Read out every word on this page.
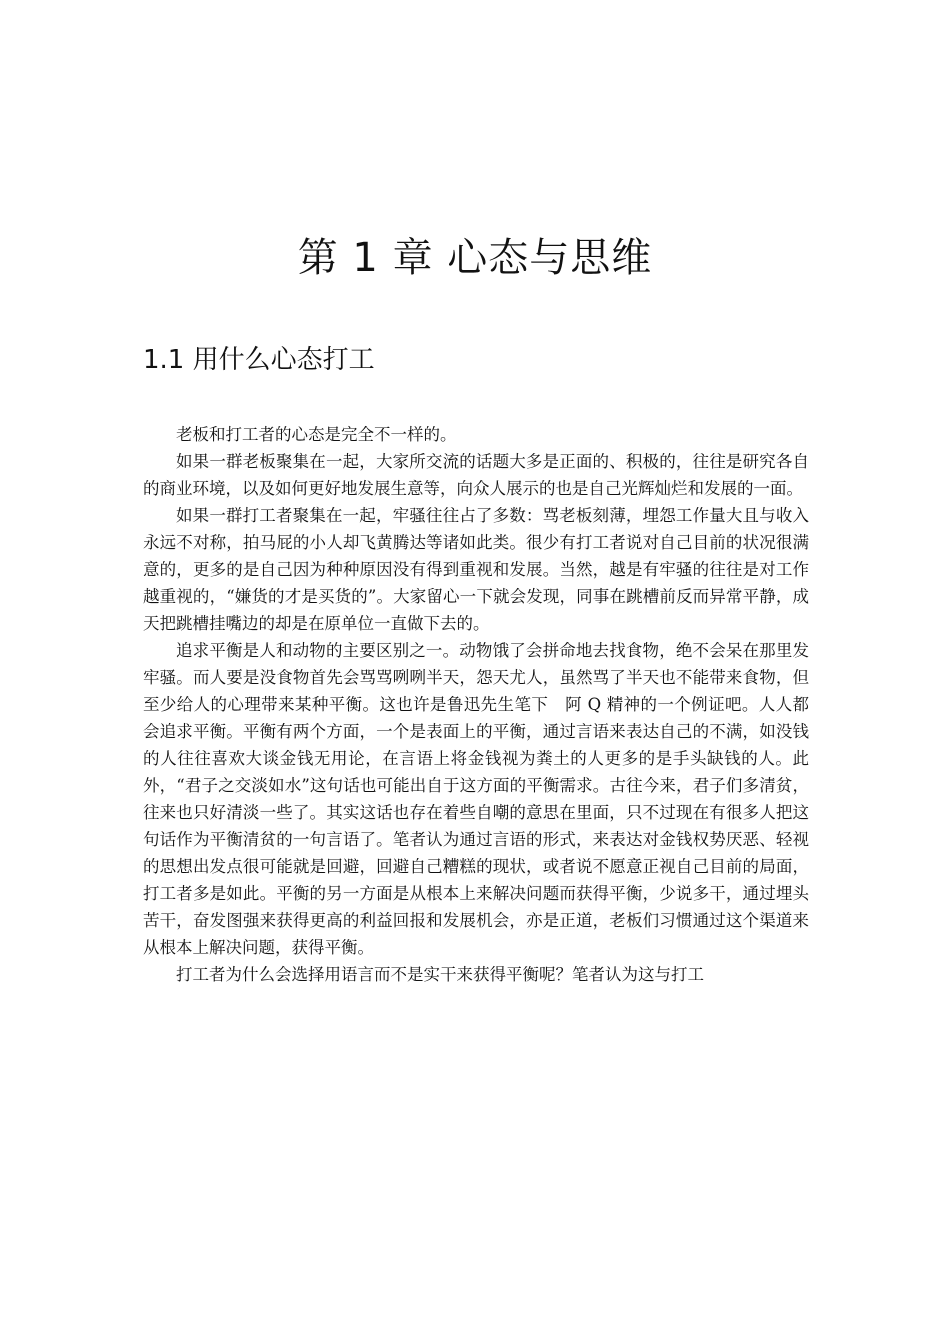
第 1 章 心态与思维
1.1 用什么心态打工

老板和打工者的心态是完全不一样的。

如果一群老板聚集在一起，大家所交流的话题大多是正面的、积极的，往往是研究各自的商业环境，以及如何更好地发展生意等，向众人展示的也是自己光辉灿烂和发展的一面。

如果一群打工者聚集在一起，牢骚往往占了多数：骂老板刻薄，埋怨工作量大且与收入永远不对称，拍马屁的小人却飞黄腾达等诸如此类。很少有打工者说对自己目前的状况很满意的，更多的是自己因为种种原因没有得到重视和发展。当然，越是有牢骚的往往是对工作越重视的，“嫌货的才是买货的”。大家留心一下就会发现，同事在跳槽前反而异常平静，成天把跳槽挂嘴边的却是在原单位一直做下去的。

追求平衡是人和动物的主要区别之一。动物饿了会拼命地去找食物，绝不会呆在那里发牢骚。而人要是没食物首先会骂骂咧咧半天，怨天尤人，虽然骂了半天也不能带来食物，但至少给人的心理带来某种平衡。这也许是鲁迅先生笔下　阿 Q 精神的一个例证吧。人人都会追求平衡。平衡有两个方面，一个是表面上的平衡，通过言语来表达自己的不满，如没钱的人往往喜欢大谈金钱无用论，在言语上将金钱视为粪土的人更多的是手头缺钱的人。此外，“君子之交淡如水”这句话也可能出自于这方面的平衡需求。古往今来，君子们多清贫，往来也只好清淡一些了。其实这话也存在着些自嘲的意思在里面，只不过现在有很多人把这句话作为平衡清贫的一句言语了。笔者认为通过言语的形式，来表达对金钱权势厌恶、轻视的思想出发点很可能就是回避，回避自己糟糕的现状，或者说不愿意正视自己目前的局面，打工者多是如此。平衡的另一方面是从根本上来解决问题而获得平衡，少说多干，通过埋头苦干，奋发图强来获得更高的利益回报和发展机会，亦是正道，老板们习惯通过这个渠道来从根本上解决问题，获得平衡。

打工者为什么会选择用语言而不是实干来获得平衡呢？笔者认为这与打工
